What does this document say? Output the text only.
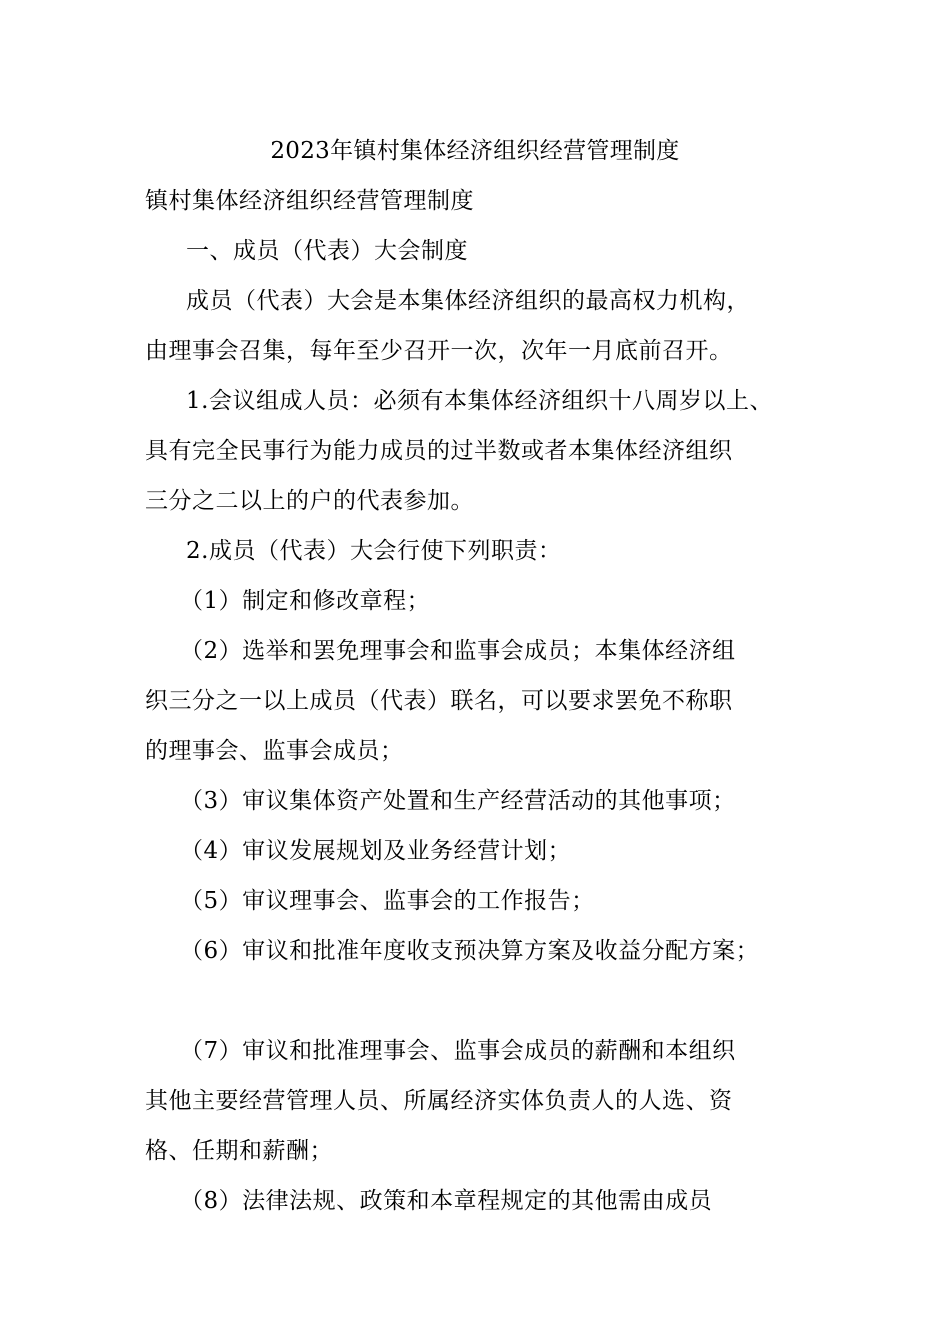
2023年镇村集体经济组织经营管理制度
镇村集体经济组织经营管理制度
一、成员（代表）大会制度
成员（代表）大会是本集体经济组织的最高权力机构，
由理事会召集，每年至少召开一次，次年一月底前召开。
1.会议组成人员：必须有本集体经济组织十八周岁以上、
具有完全民事行为能力成员的过半数或者本集体经济组织
三分之二以上的户的代表参加。
2.成员（代表）大会行使下列职责：
（1）制定和修改章程；
（2）选举和罢免理事会和监事会成员；本集体经济组
织三分之一以上成员（代表）联名，可以要求罢免不称职
的理事会、监事会成员；
（3）审议集体资产处置和生产经营活动的其他事项；
（4）审议发展规划及业务经营计划；
（5）审议理事会、监事会的工作报告；
（6）审议和批准年度收支预决算方案及收益分配方案；
（7）审议和批准理事会、监事会成员的薪酬和本组织
其他主要经营管理人员、所属经济实体负责人的人选、资
格、任期和薪酬；
（8）法律法规、政策和本章程规定的其他需由成员
